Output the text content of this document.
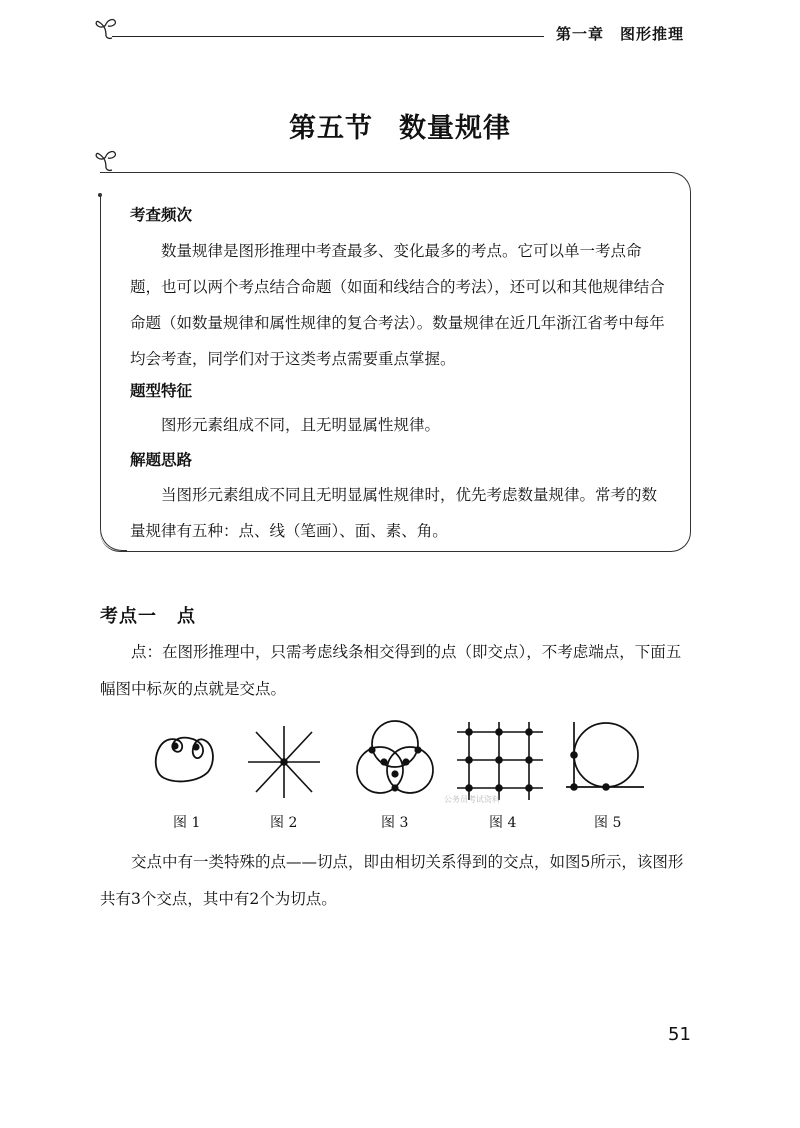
第一章　图形推理
第五节 数量规律
考查频次
数量规律是图形推理中考查最多、变化最多的考点。它可以单一考点命题，也可以两个考点结合命题（如面和线结合的考法），还可以和其他规律结合命题（如数量规律和属性规律的复合考法）。数量规律在近几年浙江省考中每年均会考查，同学们对于这类考点需要重点掌握。
题型特征
图形元素组成不同，且无明显属性规律。
解题思路
当图形元素组成不同且无明显属性规律时，优先考虑数量规律。常考的数量规律有五种：点、线（笔画）、面、素、角。
考点一 点
点：在图形推理中，只需考虑线条相交得到的点（即交点），不考虑端点，下面五幅图中标灰的点就是交点。
公务员考试资料
图 1	图 2	图 3	图 4	图 5
交点中有一类特殊的点——切点，即由相切关系得到的交点，如图5所示，该图形共有3个交点，其中有2个为切点。
51
